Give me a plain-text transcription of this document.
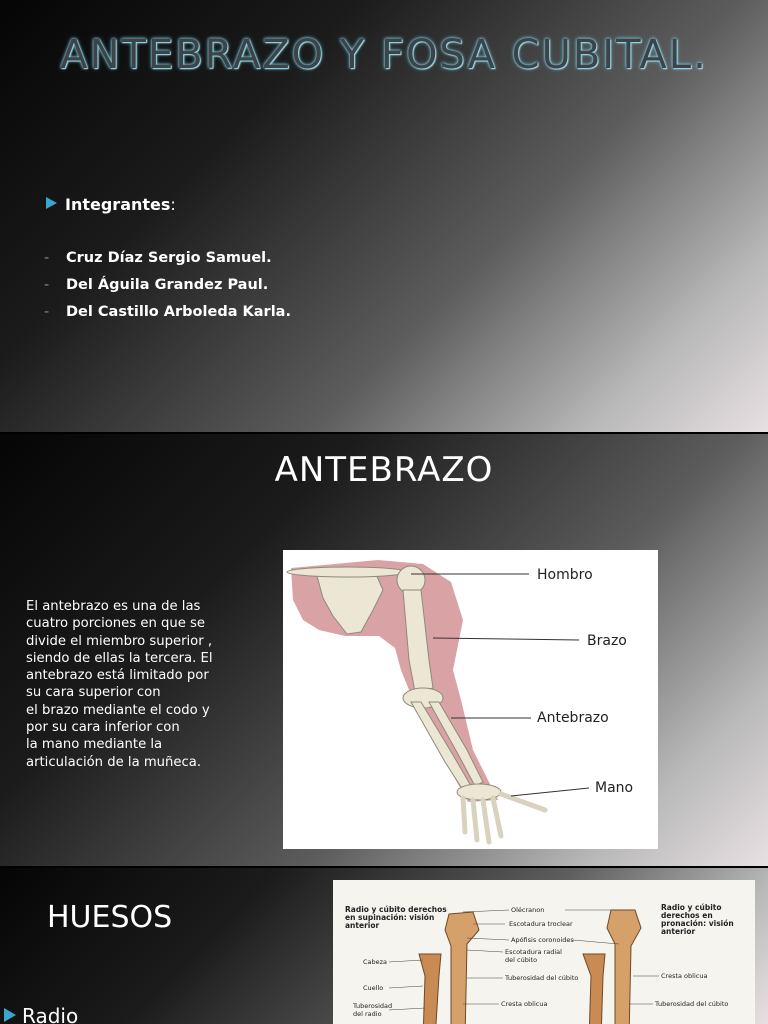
ANTEBRAZO Y FOSA CUBITAL.
Integrantes:
- Cruz Díaz Sergio Samuel.
- Del Águila Grandez Paul.
- Del Castillo Arboleda Karla.
ANTEBRAZO

El antebrazo es una de las
cuatro porciones en que se
divide el miembro superior ,
siendo de ellas la tercera. El
antebrazo está limitado por
su cara superior con
el brazo mediante el codo y
por su cara inferior con
la mano mediante la
articulación de la muñeca.

Hombro
Brazo
Antebrazo
Mano
HUESOS
Radio
Radio y cúbito derechos en supinación: visión anterior
Radio y cúbito derechos en pronación: visión anterior
Olécranon
Escotadura troclear
Apófisis coronoides
Escotadura radial
del cúbito
Tuberosidad del cúbito
Cresta oblicua
Cabeza
Cuello
Tuberosidad
del radio
Cresta oblicua
Tuberosidad del cúbito
